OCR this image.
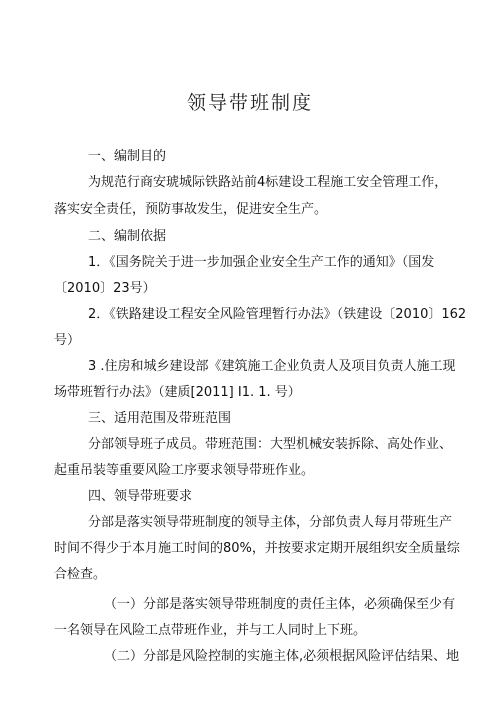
领导带班制度
一、编制目的
为规范行商安琥城际铁路站前4标建设工程施工安全管理工作，
落实安全责任，预防事故发生，促进安全生产。
二、编制依据
1．《国务院关于进一步加强企业安全生产工作的通知》（国发
〔2010〕23号）
2．《铁路建设工程安全风险管理暂行办法》（铁建设〔2010〕162
号）
3 .住房和城乡建设部《建筑施工企业负责人及项目负责人施工现
场带班暂行办法》（建质[2011] I1. 1. 号）
三、适用范围及带班范围
分部领导班子成员。带班范围：大型机械安装拆除、高处作业、
起重吊装等重要风险工序要求领导带班作业。
四、领导带班要求
分部是落实领导带班制度的领导主体，分部负责人每月带班生产
时间不得少于本月施工时间的80%，并按要求定期开展组织安全质量综
合检查。
（一）分部是落实领导带班制度的责任主体，必须确保至少有
一名领导在风险工点带班作业，并与工人同时上下班。
（二）分部是风险控制的实施主体,必须根据风险评估结果、地
